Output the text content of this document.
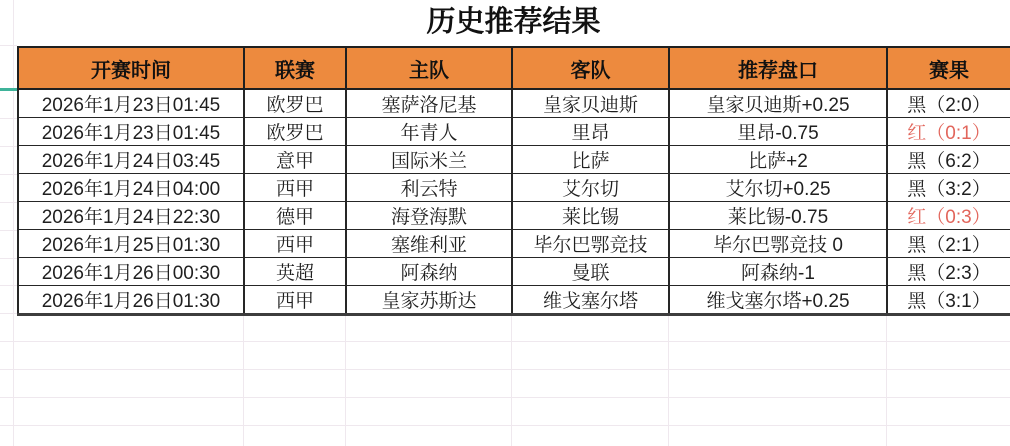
历史推荐结果
开赛时间	联赛	主队	客队	推荐盘口	赛果
2026年1月23日01:45	欧罗巴	塞萨洛尼基	皇家贝迪斯	皇家贝迪斯+0.25	黑（2:0）
2026年1月23日01:45	欧罗巴	年青人	里昂	里昂-0.75	红（0:1）
2026年1月24日03:45	意甲	国际米兰	比萨	比萨+2	黑（6:2）
2026年1月24日04:00	西甲	利云特	艾尔切	艾尔切+0.25	黑（3:2）
2026年1月24日22:30	德甲	海登海默	莱比锡	莱比锡-0.75	红（0:3）
2026年1月25日01:30	西甲	塞维利亚	毕尔巴鄂竞技	毕尔巴鄂竞技 0	黑（2:1）
2026年1月26日00:30	英超	阿森纳	曼联	阿森纳-1	黑（2:3）
2026年1月26日01:30	西甲	皇家苏斯达	维戈塞尔塔	维戈塞尔塔+0.25	黑（3:1）
